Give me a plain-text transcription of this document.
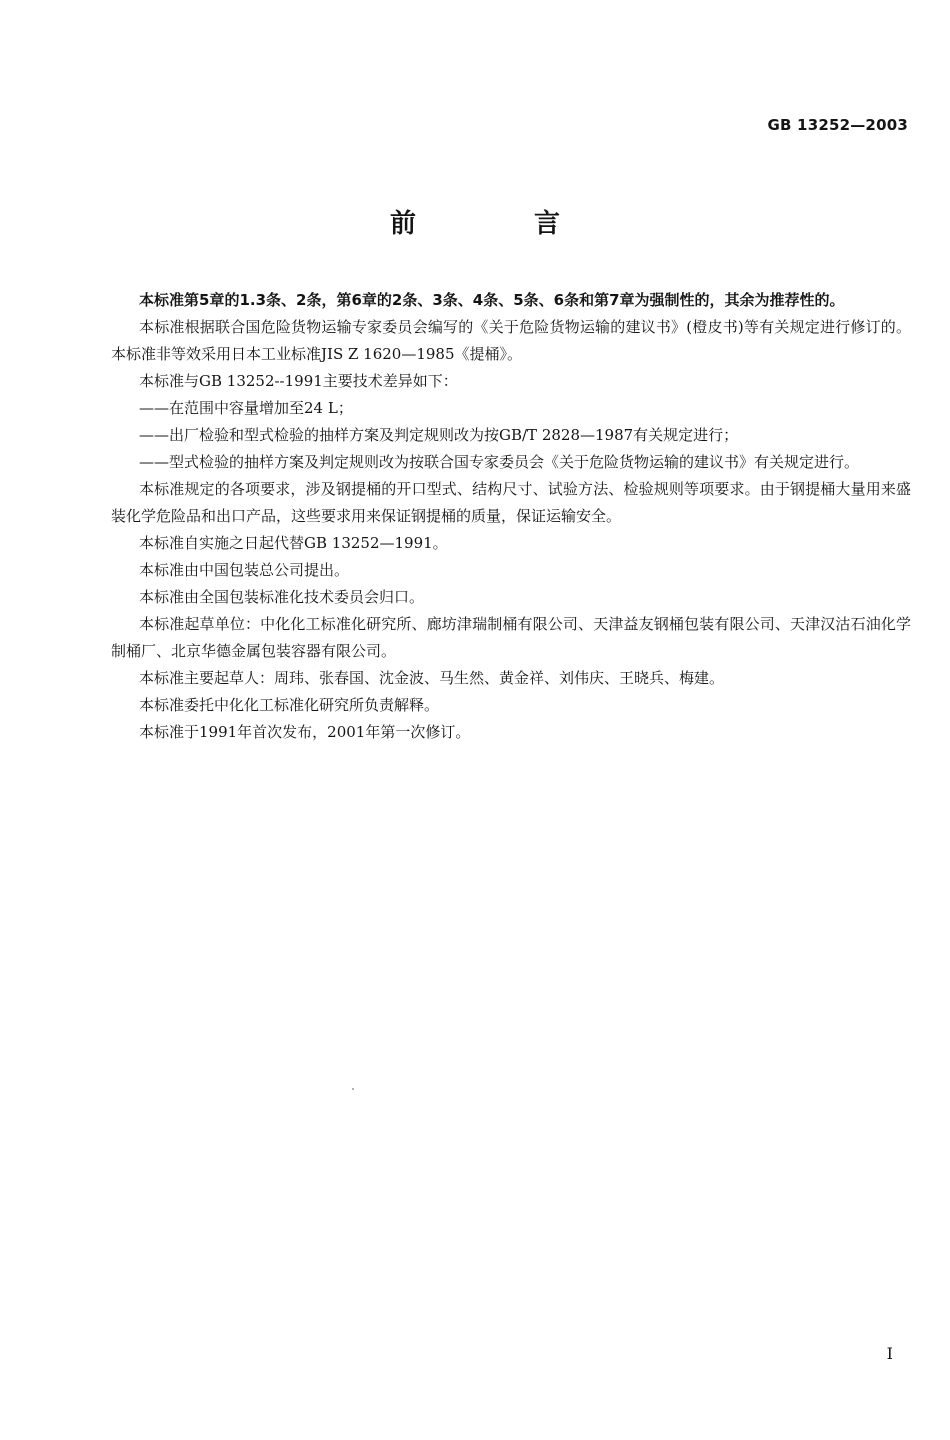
GB 13252—2003
前　言

本标准第5章的1.3条、2条，第6章的2条、3条、4条、5条、6条和第7章为强制性的，其余为推荐性的。

本标准根据联合国危险货物运输专家委员会编写的《关于危险货物运输的建议书》(橙皮书)等有关规定进行修订的。本标准非等效采用日本工业标准JIS Z 1620—1985《提桶》。

本标准与GB 13252--1991主要技术差异如下：

——在范围中容量增加至24 L；

——出厂检验和型式检验的抽样方案及判定规则改为按GB/T 2828—1987有关规定进行；

——型式检验的抽样方案及判定规则改为按联合国专家委员会《关于危险货物运输的建议书》有关规定进行。

本标准规定的各项要求，涉及钢提桶的开口型式、结构尺寸、试验方法、检验规则等项要求。由于钢提桶大量用来盛装化学危险品和出口产品，这些要求用来保证钢提桶的质量，保证运输安全。

本标准自实施之日起代替GB 13252—1991。

本标准由中国包装总公司提出。

本标准由全国包装标准化技术委员会归口。

本标准起草单位：中化化工标准化研究所、廊坊津瑞制桶有限公司、天津益友钢桶包装有限公司、天津汉沽石油化学制桶厂、北京华德金属包装容器有限公司。

本标准主要起草人：周玮、张春国、沈金波、马生然、黄金祥、刘伟庆、王晓兵、梅建。

本标准委托中化化工标准化研究所负责解释。

本标准于1991年首次发布，2001年第一次修订。

I
